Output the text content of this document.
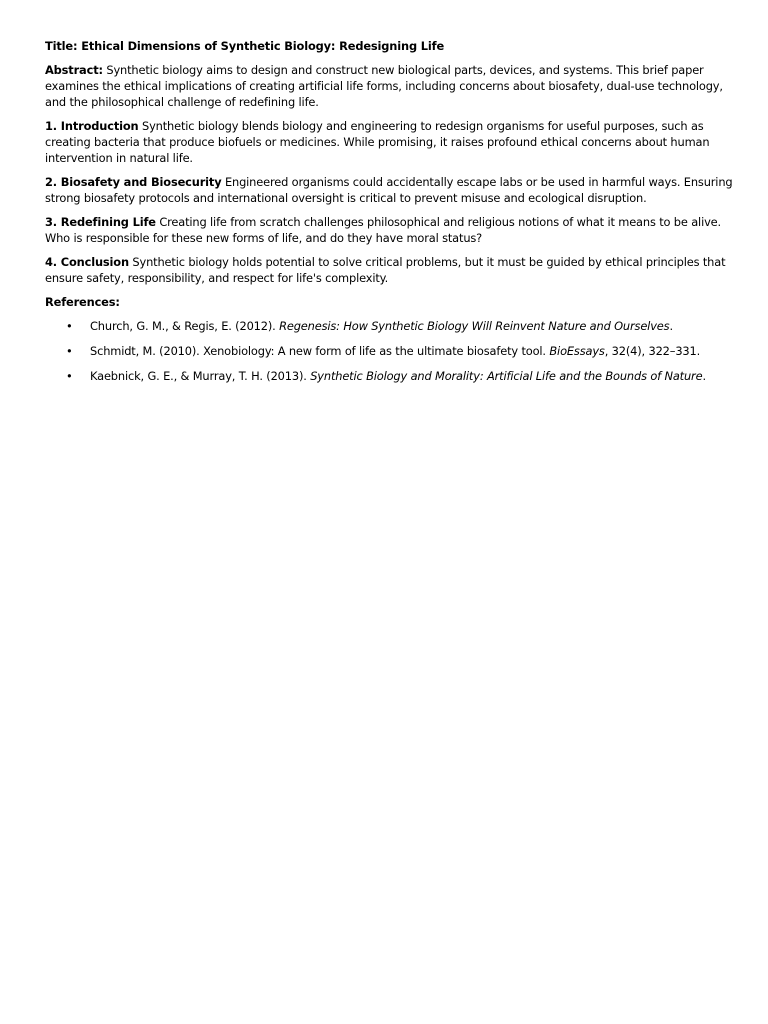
Title: Ethical Dimensions of Synthetic Biology: Redesigning Life

Abstract: Synthetic biology aims to design and construct new biological parts, devices, and systems. This brief paper examines the ethical implications of creating artificial life forms, including concerns about biosafety, dual-use technology, and the philosophical challenge of redefining life.

1. Introduction Synthetic biology blends biology and engineering to redesign organisms for useful purposes, such as creating bacteria that produce biofuels or medicines. While promising, it raises profound ethical concerns about human intervention in natural life.

2. Biosafety and Biosecurity Engineered organisms could accidentally escape labs or be used in harmful ways. Ensuring strong biosafety protocols and international oversight is critical to prevent misuse and ecological disruption.

3. Redefining Life Creating life from scratch challenges philosophical and religious notions of what it means to be alive. Who is responsible for these new forms of life, and do they have moral status?

4. Conclusion Synthetic biology holds potential to solve critical problems, but it must be guided by ethical principles that ensure safety, responsibility, and respect for life's complexity.

References:

• Church, G. M., & Regis, E. (2012). Regenesis: How Synthetic Biology Will Reinvent Nature and Ourselves.
• Schmidt, M. (2010). Xenobiology: A new form of life as the ultimate biosafety tool. BioEssays, 32(4), 322–331.
• Kaebnick, G. E., & Murray, T. H. (2013). Synthetic Biology and Morality: Artificial Life and the Bounds of Nature.
